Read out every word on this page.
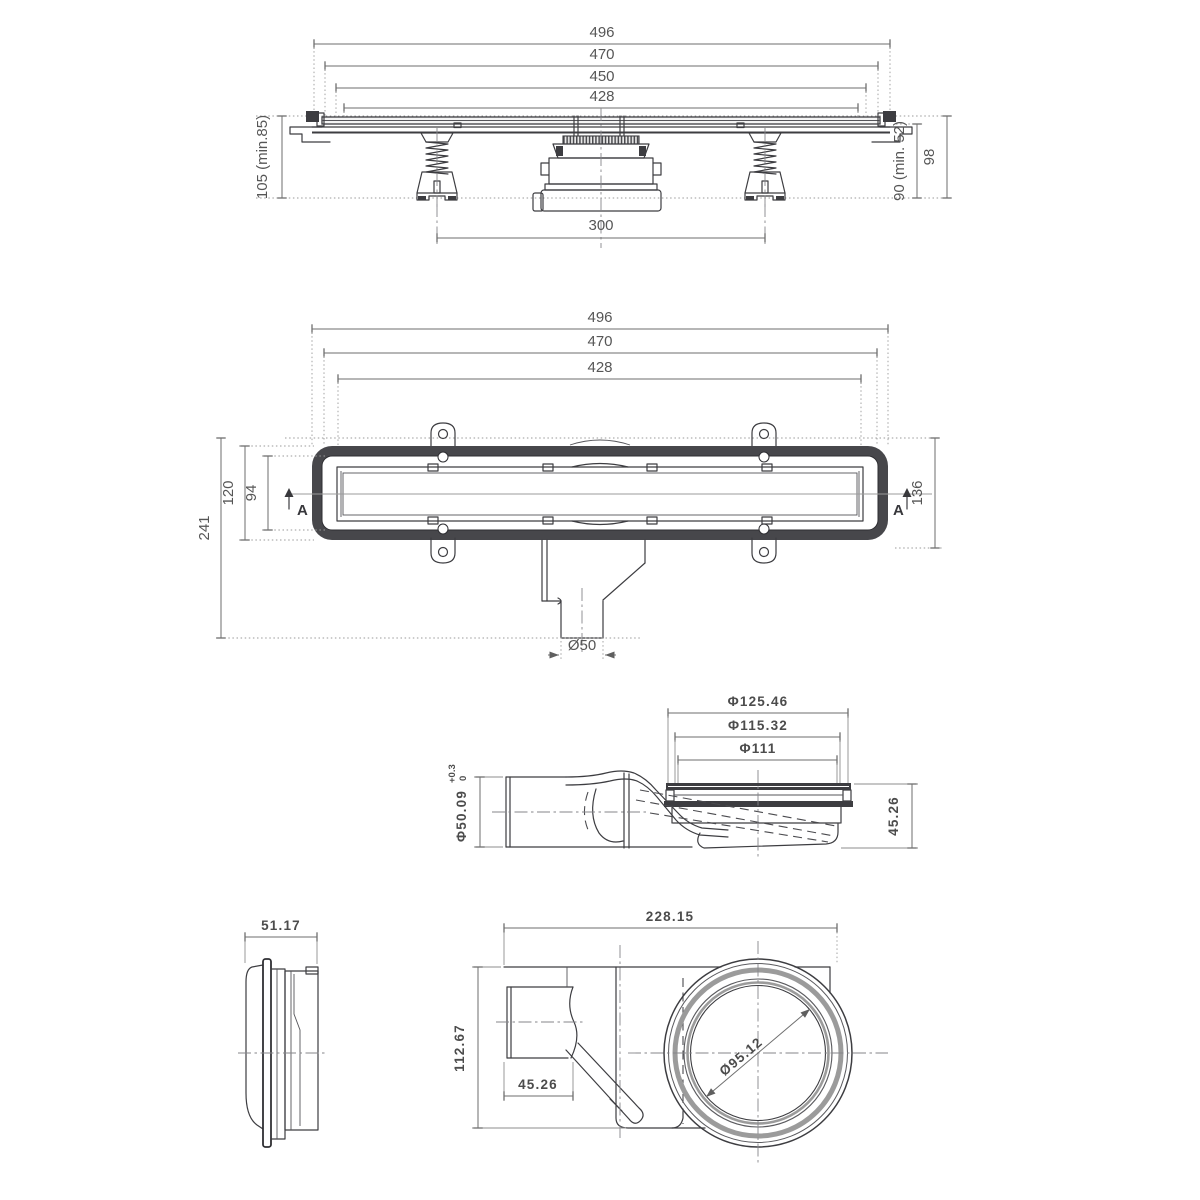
496
470
450
428
300
105 (min.85)	90 (min. 52) 98
496
470
428
A	A
Ø50
94
120
241
136
Φ125.46
Φ115.32
Φ111
Φ50.09
+0.3 0
45.26
51.17
228.15
Ø95.12
112.67
45.26
